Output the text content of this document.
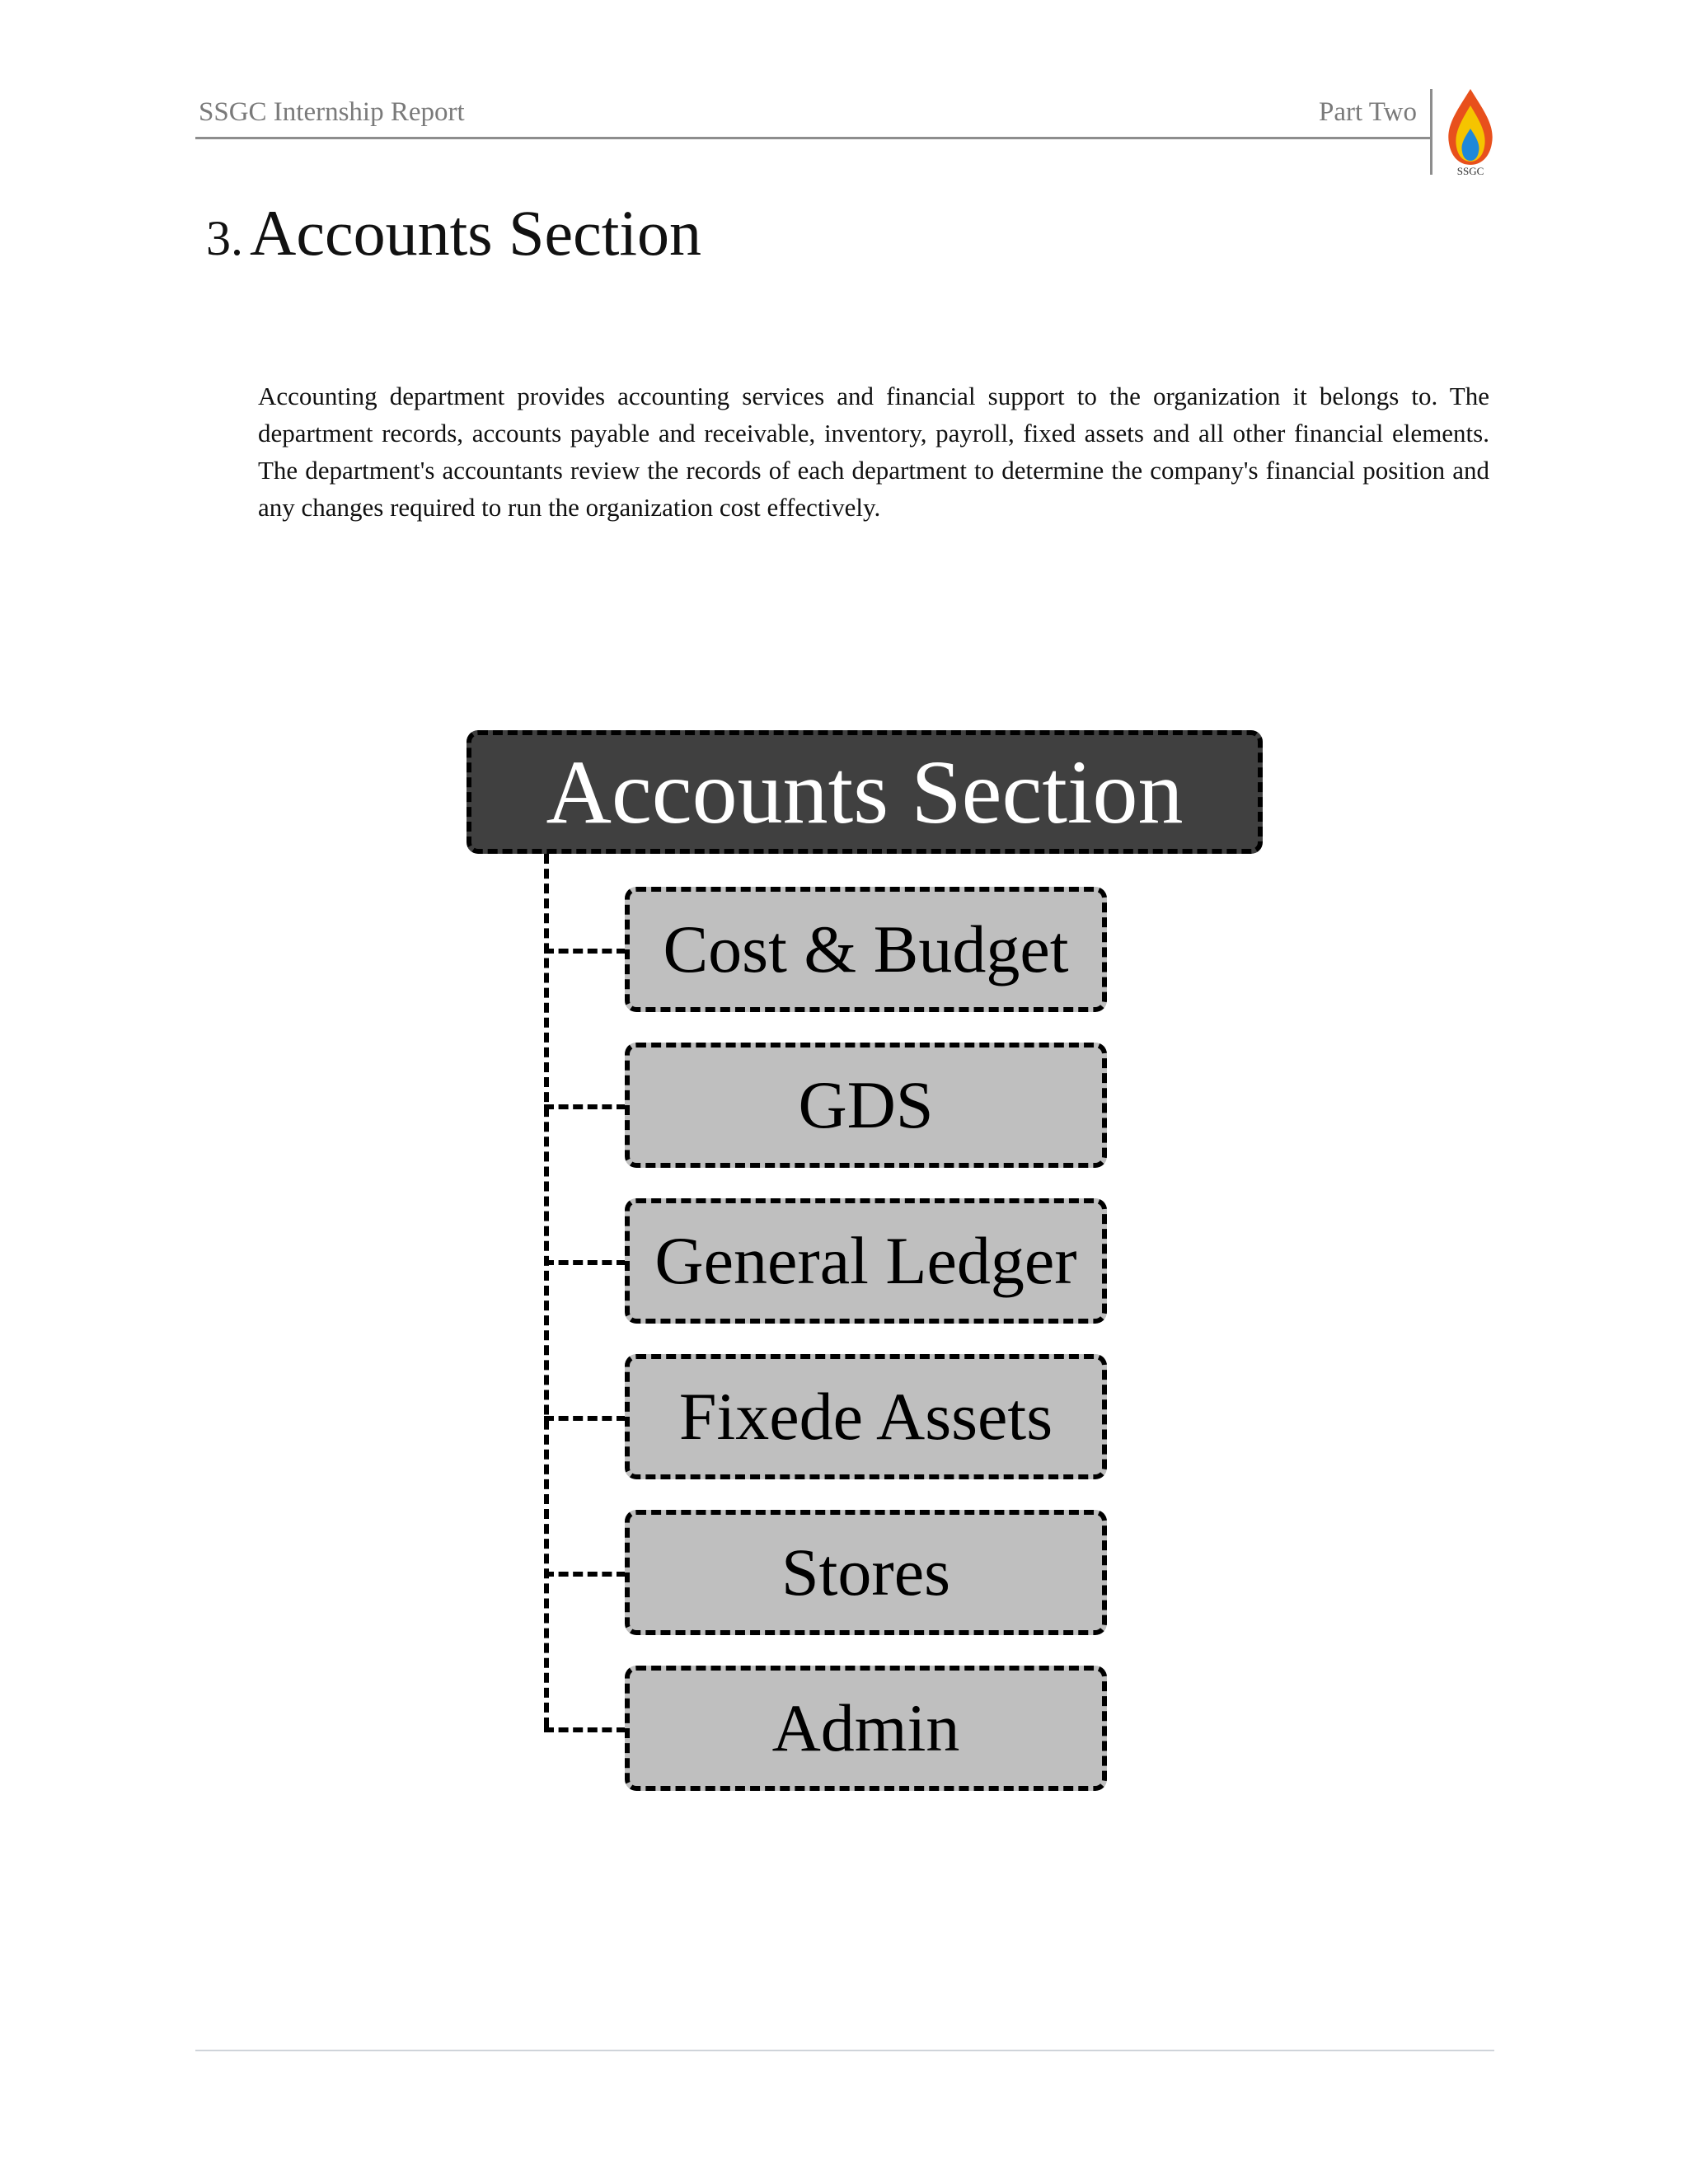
SSGC Internship Report	Part Two
SSGC
3. Accounts Section
Accounting department provides accounting services and financial support to the organization it belongs to. The department records, accounts payable and receivable, inventory, payroll, fixed assets and all other financial elements. The department's accountants review the records of each department to determine the company's financial position and any changes required to run the organization cost effectively.
Accounts Section
Cost & Budget
GDS
General Ledger
Fixede Assets
Stores
Admin
